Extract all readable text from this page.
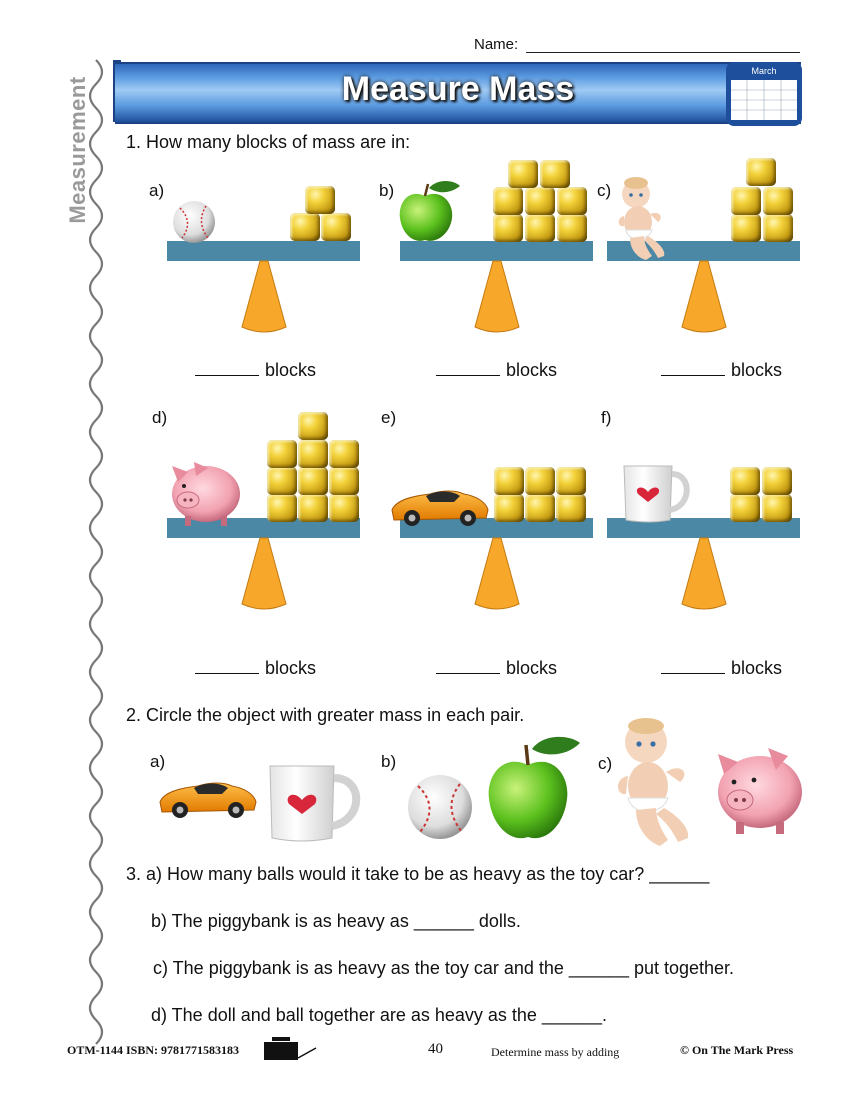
Measurement
Name:
Measure Mass	March
1. How many blocks of mass are in:
a)	b)	c)
d)	e)	f)
blocks	blocks	blocks
blocks	blocks	blocks
2. Circle the object with greater mass in each pair.
a)	b)	c)
3. a) How many balls would it take to be as heavy as the toy car? ______
b) The piggybank is as heavy as ______ dolls.
c) The piggybank is as heavy as the toy car and the ______ put together.
d) The doll and ball together are as heavy as the ______.
OTM-1144 ISBN: 9781771583183	40	Determine mass by adding	© On The Mark Press
